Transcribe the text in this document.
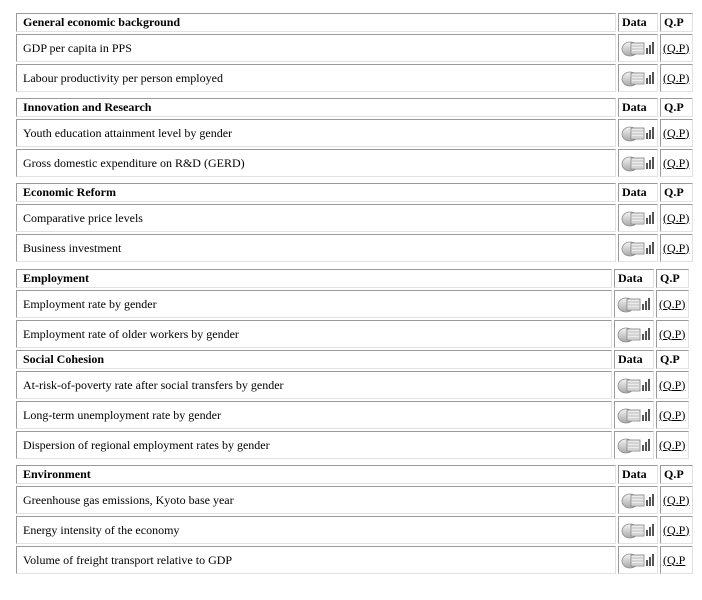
General economic background	Data	Q.P
GDP per capita in PPS		(Q.P)
Labour productivity per person employed		(Q.P)
Innovation and Research	Data	Q.P
Youth education attainment level by gender		(Q.P)
Gross domestic expenditure on R&D (GERD)		(Q.P)
Economic Reform	Data	Q.P
Comparative price levels		(Q.P)
Business investment		(Q.P)
Employment	Data	Q.P
Employment rate by gender		(Q.P)
Employment rate of older workers by gender		(Q.P)
Social Cohesion	Data	Q.P
At-risk-of-poverty rate after social transfers by gender		(Q.P)
Long-term unemployment rate by gender		(Q.P)
Dispersion of regional employment rates by gender		(Q.P)
Environment	Data	Q.P
Greenhouse gas emissions, Kyoto base year		(Q.P)
Energy intensity of the economy		(Q.P)
Volume of freight transport relative to GDP		(Q.P
